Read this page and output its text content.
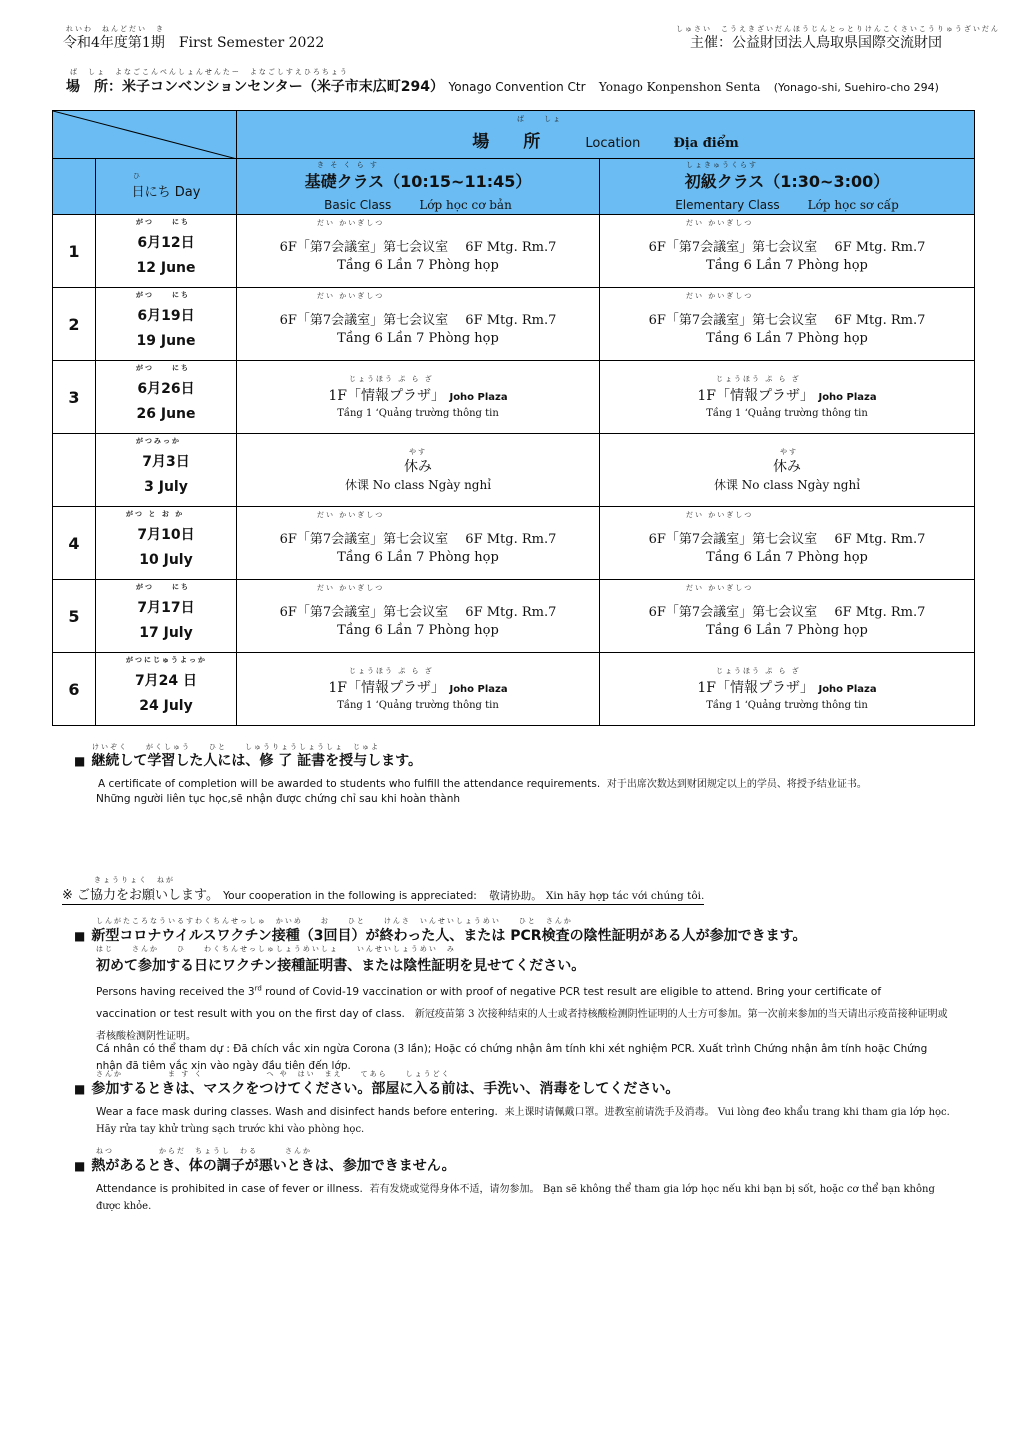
れいわ　ねんどだい　き
令和4年度第1期　First Semester 2022
しゅさい　こうえきざいだんほうじんとっとりけんこくさいこうりゅうざいだん
主催：公益財団法人鳥取県国際交流財団
ば　しょ　よなごこんべんしょんせんたー　よなごしすえひろちょう
場　所：米子コンベンションセンター（米子市末広町294） Yonago Convention Ctr Yonago Konpenshon Senta (Yonago-shi, Suehiro-cho 294)

ば　　しょ
場　　所 $_{Location}$ $_{Địa điểm}$

	ひ
$_{日にち Day}$	き そ く ら す
基礎クラス（10:15~11:45）
Basic Class Lớp học cơ bản	しょきゅうくらす
初級クラス（1:30~3:00）
Elementary Class Lớp học sơ cấp

1	がつ　　にち
6月12日
12 June	だい かいぎしつ
6F「第7会議室」第七会议室　 6F Mtg. Rm.7
Tầng 6 Lần 7 Phòng họp	だい かいぎしつ
6F「第7会議室」第七会议室　 6F Mtg. Rm.7
Tầng 6 Lần 7 Phòng họp

2	がつ　　にち
6月19日
19 June	だい かいぎしつ
6F「第7会議室」第七会议室　 6F Mtg. Rm.7
Tầng 6 Lần 7 Phòng họp	だい かいぎしつ
6F「第7会議室」第七会议室　 6F Mtg. Rm.7
Tầng 6 Lần 7 Phòng họp

3	がつ　　にち
6月26日
26 June	じょうほう ぷ ら ざ
1F「情報プラザ」 Joho Plaza
Tầng 1 ‘Quảng trường thông tin	じょうほう ぷ ら ざ
1F「情報プラザ」 Joho Plaza
Tầng 1 ‘Quảng trường thông tin

	がつみっか
7月3日
3 July	やす
休み
休课 No class Ngày nghỉ	やす
休み
休课 No class Ngày nghỉ

4	がつ と お か
7月10日
10 July	だい かいぎしつ
6F「第7会議室」第七会议室　 6F Mtg. Rm.7
Tầng 6 Lần 7 Phòng họp	だい かいぎしつ
6F「第7会議室」第七会议室　 6F Mtg. Rm.7
Tầng 6 Lần 7 Phòng họp

5	がつ　　にち
7月17日
17 July	だい かいぎしつ
6F「第7会議室」第七会议室　 6F Mtg. Rm.7
Tầng 6 Lần 7 Phòng họp	だい かいぎしつ
6F「第7会議室」第七会议室　 6F Mtg. Rm.7
Tầng 6 Lần 7 Phòng họp

6	がつにじゅうよっか
7月24 日
24 July	じょうほう ぷ ら ざ
1F「情報プラザ」 Joho Plaza
Tầng 1 ‘Quảng trường thông tin	じょうほう ぷ ら ざ
1F「情報プラザ」 Joho Plaza
Tầng 1 ‘Quảng trường thông tin
けいぞく　　がくしゅう　　ひと　　しゅうりょうしょうしょ　じゅよ
■ 継続して学習した人には、修 了 証書を授与します。
A certificate of completion will be awarded to students who fulfill the attendance requirements. 对于出席次数达到财团规定以上的学员、将授予结业证书。
Những người liên tục học,sẽ nhận được chứng chỉ sau khi hoàn thành
きょうりょく　ねが
※ ご協力をお願いします。 Your cooperation in the following is appreciated: 敬请协助。 Xin hãy hợp tác với chúng tôi.
しんがたころなういるすわくちんせっしゅ　かいめ　　お　　ひと　　けんさ　いんせいしょうめい　　ひと　さんか
■ 新型コロナウイルスワクチン接種（3回目）が終わった人、または PCR検査の陰性証明がある人が参加できます。
はじ　　さんか　　ひ　　わくちんせっしゅしょうめいしょ　　いんせいしょうめい　み
初めて参加する日にワクチン接種証明書、または陰性証明を見せてください。
Persons having received the 3rd round of Covid-19 vaccination or with proof of negative PCR test result are eligible to attend. Bring your certificate of
vaccination or test result with you on the first day of class. 新冠疫苗第 3 次接种结束的人士或者持核酸检测阴性证明的人士方可参加。第一次前来参加的当天请出示疫苗接种证明或者核酸检测阴性证明。
Cá nhân có thể tham dự : Đã chích vắc xin ngừa Corona (3 lần); Hoặc có chứng nhận âm tính khi xét nghiệm PCR. Xuất trình Chứng nhận âm tính hoặc Chứng nhận đã tiêm vắc xin vào ngày đầu tiên đến lớp.
さんか　　　　　ま す く　　　　　　　へ や　はい　まえ　　てあら　　しょうどく
■ 参加するときは、マスクをつけてください。部屋に入る前は、手洗い、消毒をしてください。
Wear a face mask during classes. Wash and disinfect hands before entering. 来上课时请佩戴口罩。进教室前请洗手及消毒。 Vui lòng đeo khẩu trang khi tham gia lớp học. Hãy rửa tay khử trùng sạch trước khi vào phòng học.
ねつ　　　　　からだ　ちょうし　わる　　　さんか
■ 熱があるとき、体の調子が悪いときは、参加できません。
Attendance is prohibited in case of fever or illness. 若有发烧或觉得身体不适，请勿参加。 Bạn sẽ không thể tham gia lớp học nếu khi bạn bị sốt, hoặc cơ thể bạn không được khỏe.
